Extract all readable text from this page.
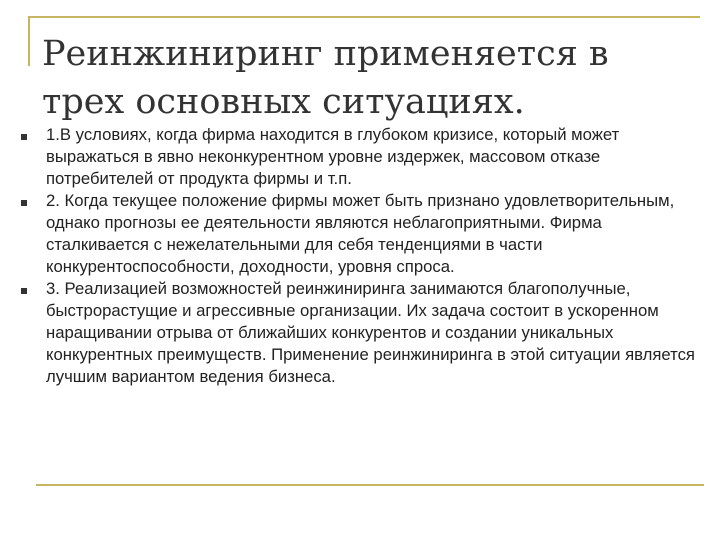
Реинжиниринг применяется в трех основных ситуациях.
1.В условиях, когда фирма находится в глубоком кризисе, который может выражаться в явно неконкурентном уровне издержек, массовом отказе потребителей от продукта фирмы и т.п.
2. Когда текущее положение фирмы может быть признано удовлетворительным, однако прогнозы ее деятельности являются неблагоприятными. Фирма сталкивается с нежелательными для себя тенденциями в части конкурентоспособности, доходности, уровня спроса.
3. Реализацией возможностей реинжиниринга занимаются благополучные, быстрорастущие и агрессивные организации. Их задача состоит в ускоренном наращивании отрыва от ближайших конкурентов и создании уникальных конкурентных преимуществ. Применение реинжиниринга в этой ситуации является лучшим вариантом ведения бизнеса.
